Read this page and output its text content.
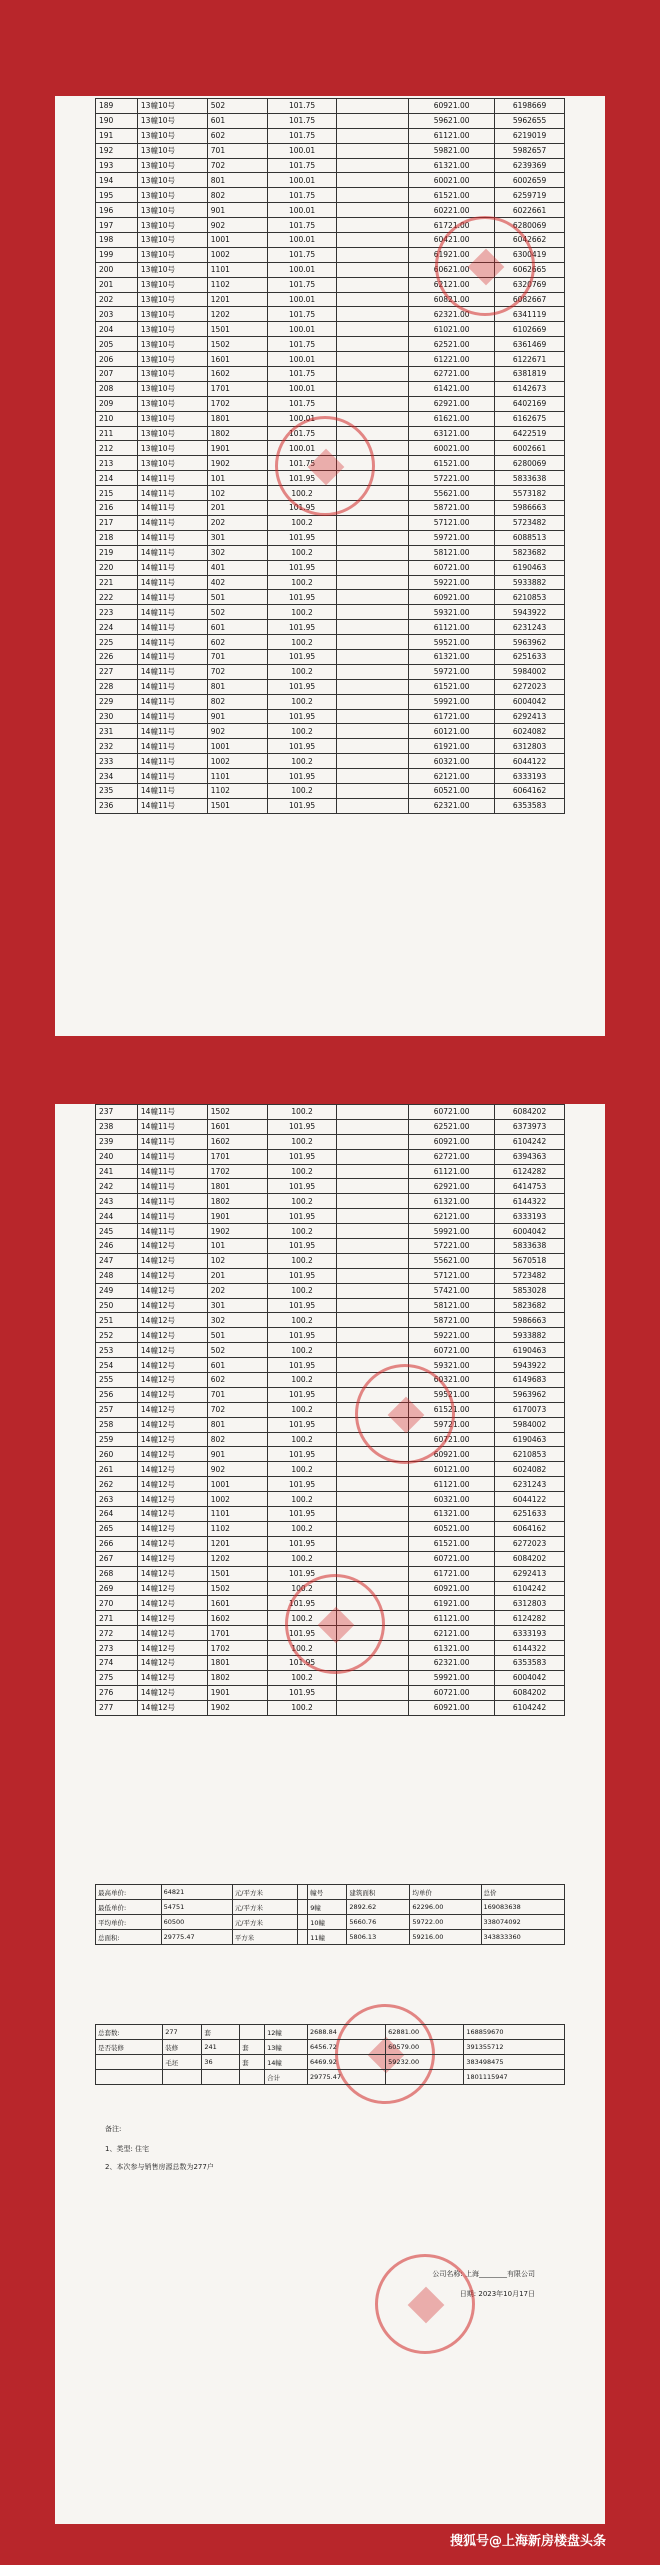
189	13幢10号	502	101.75		60921.00	6198669
190	13幢10号	601	101.75		59621.00	5962655
191	13幢10号	602	101.75		61121.00	6219019
192	13幢10号	701	100.01		59821.00	5982657
193	13幢10号	702	101.75		61321.00	6239369
194	13幢10号	801	100.01		60021.00	6002659
195	13幢10号	802	101.75		61521.00	6259719
196	13幢10号	901	100.01		60221.00	6022661
197	13幢10号	902	101.75		61721.00	6280069
198	13幢10号	1001	100.01		60421.00	6042662
199	13幢10号	1002	101.75		61921.00	6300419
200	13幢10号	1101	100.01		60621.00	6062665
201	13幢10号	1102	101.75		62121.00	6320769
202	13幢10号	1201	100.01		60821.00	6082667
203	13幢10号	1202	101.75		62321.00	6341119
204	13幢10号	1501	100.01		61021.00	6102669
205	13幢10号	1502	101.75		62521.00	6361469
206	13幢10号	1601	100.01		61221.00	6122671
207	13幢10号	1602	101.75		62721.00	6381819
208	13幢10号	1701	100.01		61421.00	6142673
209	13幢10号	1702	101.75		62921.00	6402169
210	13幢10号	1801	100.01		61621.00	6162675
211	13幢10号	1802	101.75		63121.00	6422519
212	13幢10号	1901	100.01		60021.00	6002661
213	13幢10号	1902	101.75		61521.00	6280069
214	14幢11号	101	101.95		57221.00	5833638
215	14幢11号	102	100.2		55621.00	5573182
216	14幢11号	201	101.95		58721.00	5986663
217	14幢11号	202	100.2		57121.00	5723482
218	14幢11号	301	101.95		59721.00	6088513
219	14幢11号	302	100.2		58121.00	5823682
220	14幢11号	401	101.95		60721.00	6190463
221	14幢11号	402	100.2		59221.00	5933882
222	14幢11号	501	101.95		60921.00	6210853
223	14幢11号	502	100.2		59321.00	5943922
224	14幢11号	601	101.95		61121.00	6231243
225	14幢11号	602	100.2		59521.00	5963962
226	14幢11号	701	101.95		61321.00	6251633
227	14幢11号	702	100.2		59721.00	5984002
228	14幢11号	801	101.95		61521.00	6272023
229	14幢11号	802	100.2		59921.00	6004042
230	14幢11号	901	101.95		61721.00	6292413
231	14幢11号	902	100.2		60121.00	6024082
232	14幢11号	1001	101.95		61921.00	6312803
233	14幢11号	1002	100.2		60321.00	6044122
234	14幢11号	1101	101.95		62121.00	6333193
235	14幢11号	1102	100.2		60521.00	6064162
236	14幢11号	1501	101.95		62321.00	6353583
237	14幢11号	1502	100.2		60721.00	6084202
238	14幢11号	1601	101.95		62521.00	6373973
239	14幢11号	1602	100.2		60921.00	6104242
240	14幢11号	1701	101.95		62721.00	6394363
241	14幢11号	1702	100.2		61121.00	6124282
242	14幢11号	1801	101.95		62921.00	6414753
243	14幢11号	1802	100.2		61321.00	6144322
244	14幢11号	1901	101.95		62121.00	6333193
245	14幢11号	1902	100.2		59921.00	6004042
246	14幢12号	101	101.95		57221.00	5833638
247	14幢12号	102	100.2		55621.00	5670518
248	14幢12号	201	101.95		57121.00	5723482
249	14幢12号	202	100.2		57421.00	5853028
250	14幢12号	301	101.95		58121.00	5823682
251	14幢12号	302	100.2		58721.00	5986663
252	14幢12号	501	101.95		59221.00	5933882
253	14幢12号	502	100.2		60721.00	6190463
254	14幢12号	601	101.95		59321.00	5943922
255	14幢12号	602	100.2		60321.00	6149683
256	14幢12号	701	101.95		59521.00	5963962
257	14幢12号	702	100.2		61521.00	6170073
258	14幢12号	801	101.95		59721.00	5984002
259	14幢12号	802	100.2		60721.00	6190463
260	14幢12号	901	101.95		60921.00	6210853
261	14幢12号	902	100.2		60121.00	6024082
262	14幢12号	1001	101.95		61121.00	6231243
263	14幢12号	1002	100.2		60321.00	6044122
264	14幢12号	1101	101.95		61321.00	6251633
265	14幢12号	1102	100.2		60521.00	6064162
266	14幢12号	1201	101.95		61521.00	6272023
267	14幢12号	1202	100.2		60721.00	6084202
268	14幢12号	1501	101.95		61721.00	6292413
269	14幢12号	1502	100.2		60921.00	6104242
270	14幢12号	1601	101.95		61921.00	6312803
271	14幢12号	1602	100.2		61121.00	6124282
272	14幢12号	1701	101.95		62121.00	6333193
273	14幢12号	1702	100.2		61321.00	6144322
274	14幢12号	1801	101.95		62321.00	6353583
275	14幢12号	1802	100.2		59921.00	6004042
276	14幢12号	1901	101.95		60721.00	6084202
277	14幢12号	1902	100.2		60921.00	6104242
最高单价:	64821	元/平方米		幢号	建筑面积	均单价	总价
最低单价:	54751	元/平方米		9幢	2892.62	62296.00	169083638
平均单价:	60500	元/平方米		10幢	5660.76	59722.00	338074092
总面积:	29775.47	平方米		11幢	5806.13	59216.00	343833360
总套数:	277	套		12幢	2688.84	62881.00	168859670
是否装修	装修	241	套	13幢	6456.72	60579.00	391355712
	毛坯	36	套	14幢	6469.92	59232.00	383498475
				合计	29775.47		1801115947
备注:
1、类型: 住宅
2、本次参与销售房源总数为277户
公司名称: 上海________有限公司
日期: 2023年10月17日
搜狐号@上海新房楼盘头条
